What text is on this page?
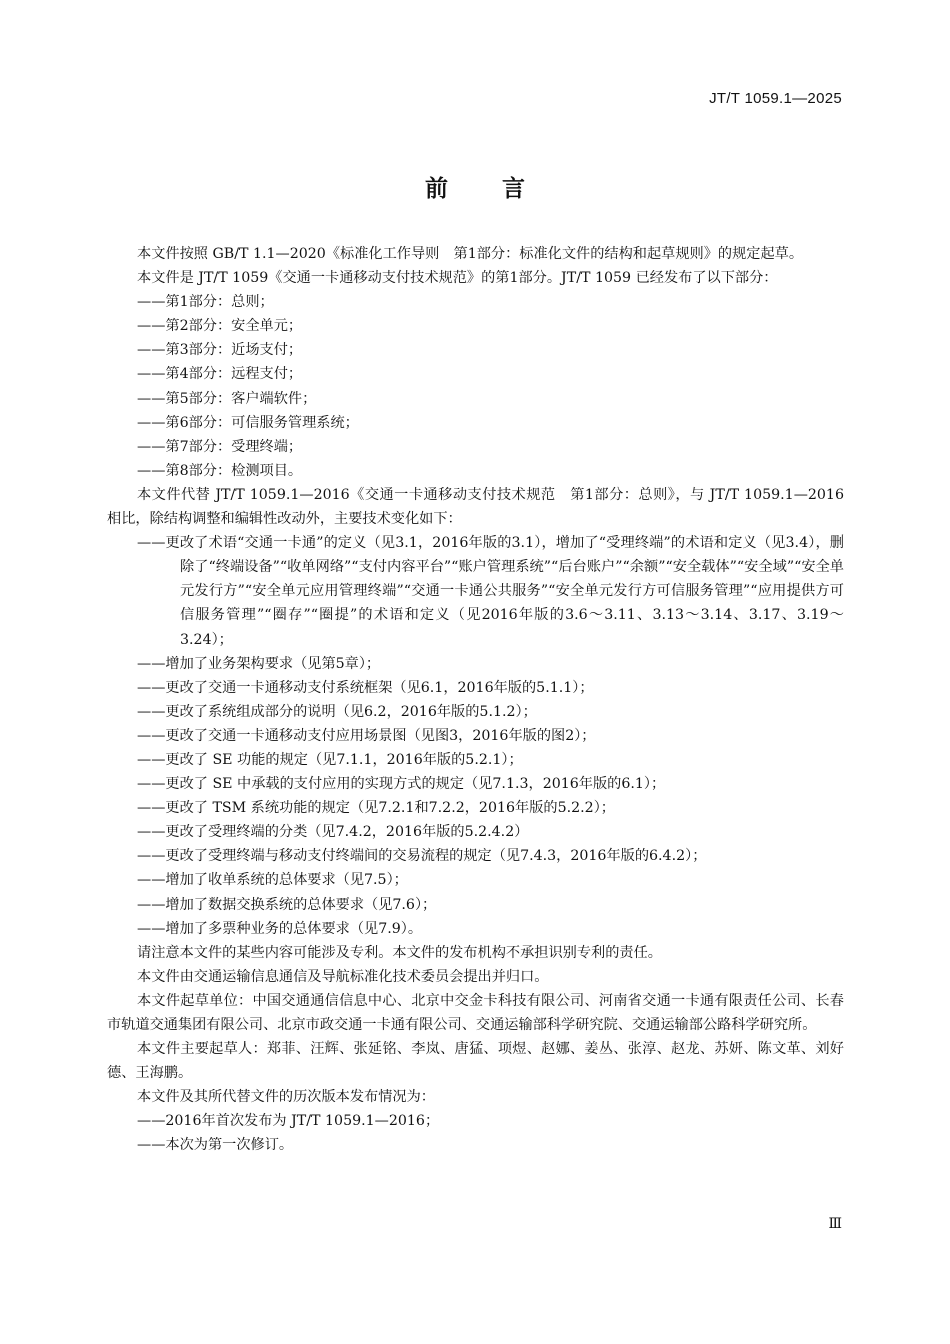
JT/T 1059.1—2025
前言

本文件按照 GB/T 1.1—2020《标准化工作导则　第1部分：标准化文件的结构和起草规则》的规定起草。

本文件是 JT/T 1059《交通一卡通移动支付技术规范》的第1部分。JT/T 1059 已经发布了以下部分：

——第1部分：总则；

——第2部分：安全单元；

——第3部分：近场支付；

——第4部分：远程支付；

——第5部分：客户端软件；

——第6部分：可信服务管理系统；

——第7部分：受理终端；

——第8部分：检测项目。

本文件代替 JT/T 1059.1—2016《交通一卡通移动支付技术规范　第1部分：总则》，与 JT/T 1059.1—2016 相比，除结构调整和编辑性改动外，主要技术变化如下：

——更改了术语“交通一卡通”的定义（见3.1，2016年版的3.1），增加了“受理终端”的术语和定义（见3.4），删除了“终端设备”“收单网络”“支付内容平台”“账户管理系统”“后台账户”“余额”“安全载体”“安全域”“安全单元发行方”“安全单元应用管理终端”“交通一卡通公共服务”“安全单元发行方可信服务管理”“应用提供方可信服务管理”“圈存”“圈提”的术语和定义（见2016年版的3.6～3.11、3.13～3.14、3.17、3.19～3.24）；

——增加了业务架构要求（见第5章）；

——更改了交通一卡通移动支付系统框架（见6.1，2016年版的5.1.1）；

——更改了系统组成部分的说明（见6.2，2016年版的5.1.2）；

——更改了交通一卡通移动支付应用场景图（见图3，2016年版的图2）；

——更改了 SE 功能的规定（见7.1.1，2016年版的5.2.1）；

——更改了 SE 中承载的支付应用的实现方式的规定（见7.1.3，2016年版的6.1）；

——更改了 TSM 系统功能的规定（见7.2.1和7.2.2，2016年版的5.2.2）；

——更改了受理终端的分类（见7.4.2，2016年版的5.2.4.2）

——更改了受理终端与移动支付终端间的交易流程的规定（见7.4.3，2016年版的6.4.2）；

——增加了收单系统的总体要求（见7.5）；

——增加了数据交换系统的总体要求（见7.6）；

——增加了多票种业务的总体要求（见7.9）。

请注意本文件的某些内容可能涉及专利。本文件的发布机构不承担识别专利的责任。

本文件由交通运输信息通信及导航标准化技术委员会提出并归口。

本文件起草单位：中国交通通信信息中心、北京中交金卡科技有限公司、河南省交通一卡通有限责任公司、长春市轨道交通集团有限公司、北京市政交通一卡通有限公司、交通运输部科学研究院、交通运输部公路科学研究所。

本文件主要起草人：郑菲、汪辉、张延铭、李岚、唐猛、项煜、赵娜、姜丛、张淳、赵龙、苏妍、陈文革、刘好德、王海鹏。

本文件及其所代替文件的历次版本发布情况为：

——2016年首次发布为 JT/T 1059.1—2016；

——本次为第一次修订。

Ⅲ
